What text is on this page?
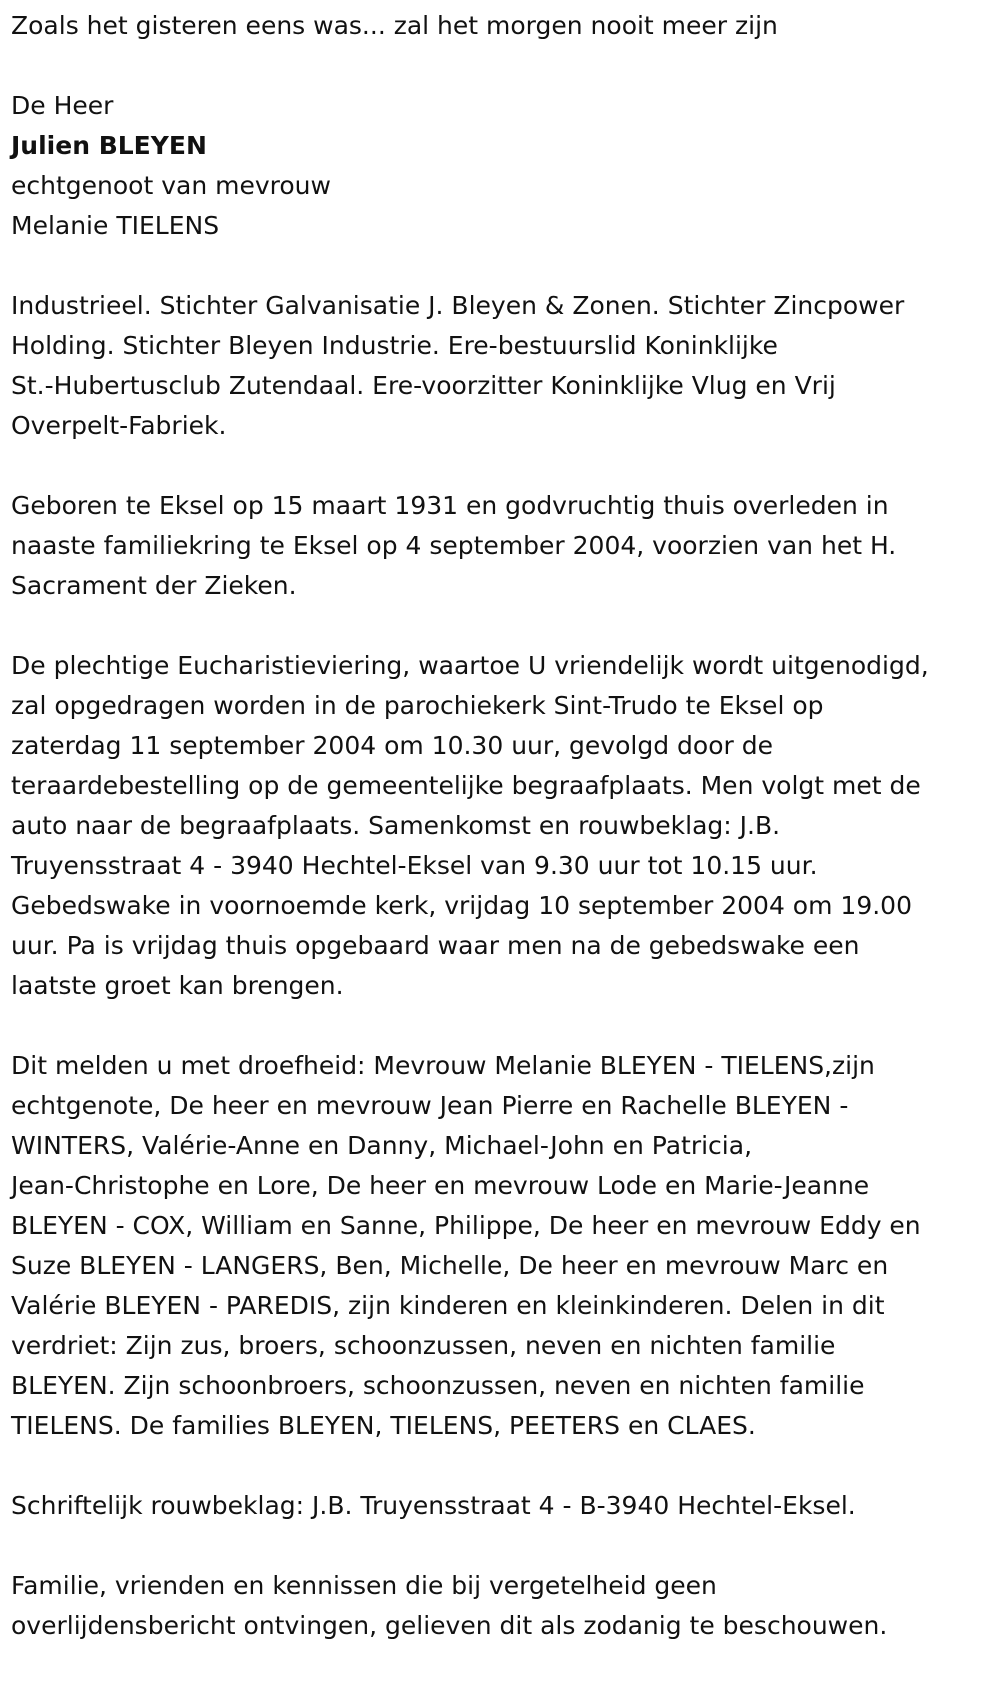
Zoals het gisteren eens was... zal het morgen nooit meer zijn

De Heer

Julien BLEYEN

echtgenoot van mevrouw

Melanie TIELENS

Industrieel. Stichter Galvanisatie J. Bleyen & Zonen. Stichter Zincpower
Holding. Stichter Bleyen Industrie. Ere-bestuurslid Koninklijke
St.-Hubertusclub Zutendaal. Ere-voorzitter Koninklijke Vlug en Vrij
Overpelt-Fabriek.

Geboren te Eksel op 15 maart 1931 en godvruchtig thuis overleden in
naaste familiekring te Eksel op 4 september 2004, voorzien van het H.
Sacrament der Zieken.

De plechtige Eucharistieviering, waartoe U vriendelijk wordt uitgenodigd,
zal opgedragen worden in de parochiekerk Sint-Trudo te Eksel op
zaterdag 11 september 2004 om 10.30 uur, gevolgd door de
teraardebestelling op de gemeentelijke begraafplaats. Men volgt met de
auto naar de begraafplaats. Samenkomst en rouwbeklag: J.B.
Truyensstraat 4 - 3940 Hechtel-Eksel van 9.30 uur tot 10.15 uur.
Gebedswake in voornoemde kerk, vrijdag 10 september 2004 om 19.00
uur. Pa is vrijdag thuis opgebaard waar men na de gebedswake een
laatste groet kan brengen.

Dit melden u met droefheid: Mevrouw Melanie BLEYEN - TIELENS,zijn
echtgenote, De heer en mevrouw Jean Pierre en Rachelle BLEYEN -
WINTERS, Valérie-Anne en Danny, Michael-John en Patricia,
Jean-Christophe en Lore, De heer en mevrouw Lode en Marie-Jeanne
BLEYEN - COX, William en Sanne, Philippe, De heer en mevrouw Eddy en
Suze BLEYEN - LANGERS, Ben, Michelle, De heer en mevrouw Marc en
Valérie BLEYEN - PAREDIS, zijn kinderen en kleinkinderen. Delen in dit
verdriet: Zijn zus, broers, schoonzussen, neven en nichten familie
BLEYEN. Zijn schoonbroers, schoonzussen, neven en nichten familie
TIELENS. De families BLEYEN, TIELENS, PEETERS en CLAES.

Schriftelijk rouwbeklag: J.B. Truyensstraat 4 - B-3940 Hechtel-Eksel.

Familie, vrienden en kennissen die bij vergetelheid geen
overlijdensbericht ontvingen, gelieven dit als zodanig te beschouwen.
